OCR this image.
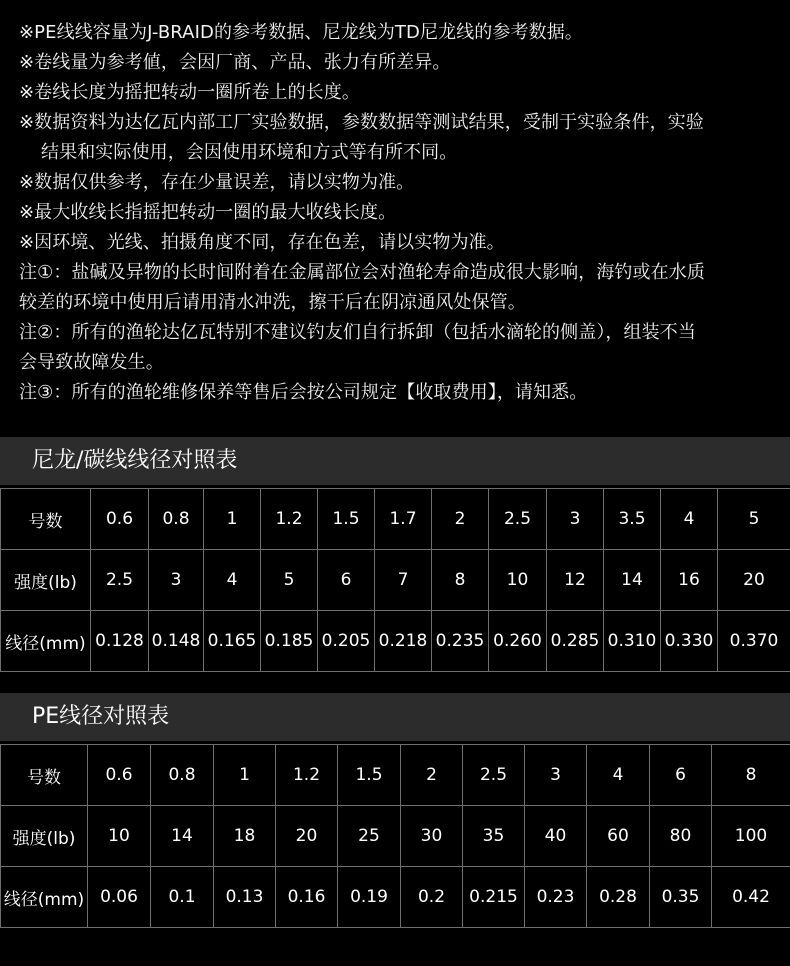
※PE线线容量为J-BRAID的参考数据、尼龙线为TD尼龙线的参考数据。
※卷线量为参考値，会因厂商、产品、张力有所差异。
※卷线长度为摇把转动一圈所卷上的长度。
※数据资料为达亿瓦内部工厂实验数据，参数数据等测试结果，受制于实验条件，实验
结果和实际使用，会因使用环境和方式等有所不同。
※数据仅供参考，存在少量误差，请以实物为准。
※最大收线长指摇把转动一圈的最大收线长度。
※因环境、光线、拍摄角度不同，存在色差，请以实物为准。
注①：盐碱及异物的长时间附着在金属部位会对渔轮寿命造成很大影响，海钓或在水质
较差的环境中使用后请用清水冲洗，擦干后在阴凉通风处保管。
注②：所有的渔轮达亿瓦特别不建议钓友们自行拆卸（包括水滴轮的侧盖），组装不当
会导致故障发生。
注③：所有的渔轮维修保养等售后会按公司规定【收取费用】，请知悉。
尼龙/碳线线径对照表
号数	0.6	0.8	1	1.2	1.5	1.7	2	2.5	3	3.5	4	5
强度(lb)	2.5	3	4	5	6	7	8	10	12	14	16	20
线径(mm)	0.128	0.148	0.165	0.185	0.205	0.218	0.235	0.260	0.285	0.310	0.330	0.370
PE线径对照表
号数	0.6	0.8	1	1.2	1.5	2	2.5	3	4	6	8
强度(lb)	10	14	18	20	25	30	35	40	60	80	100
线径(mm)	0.06	0.1	0.13	0.16	0.19	0.2	0.215	0.23	0.28	0.35	0.42
